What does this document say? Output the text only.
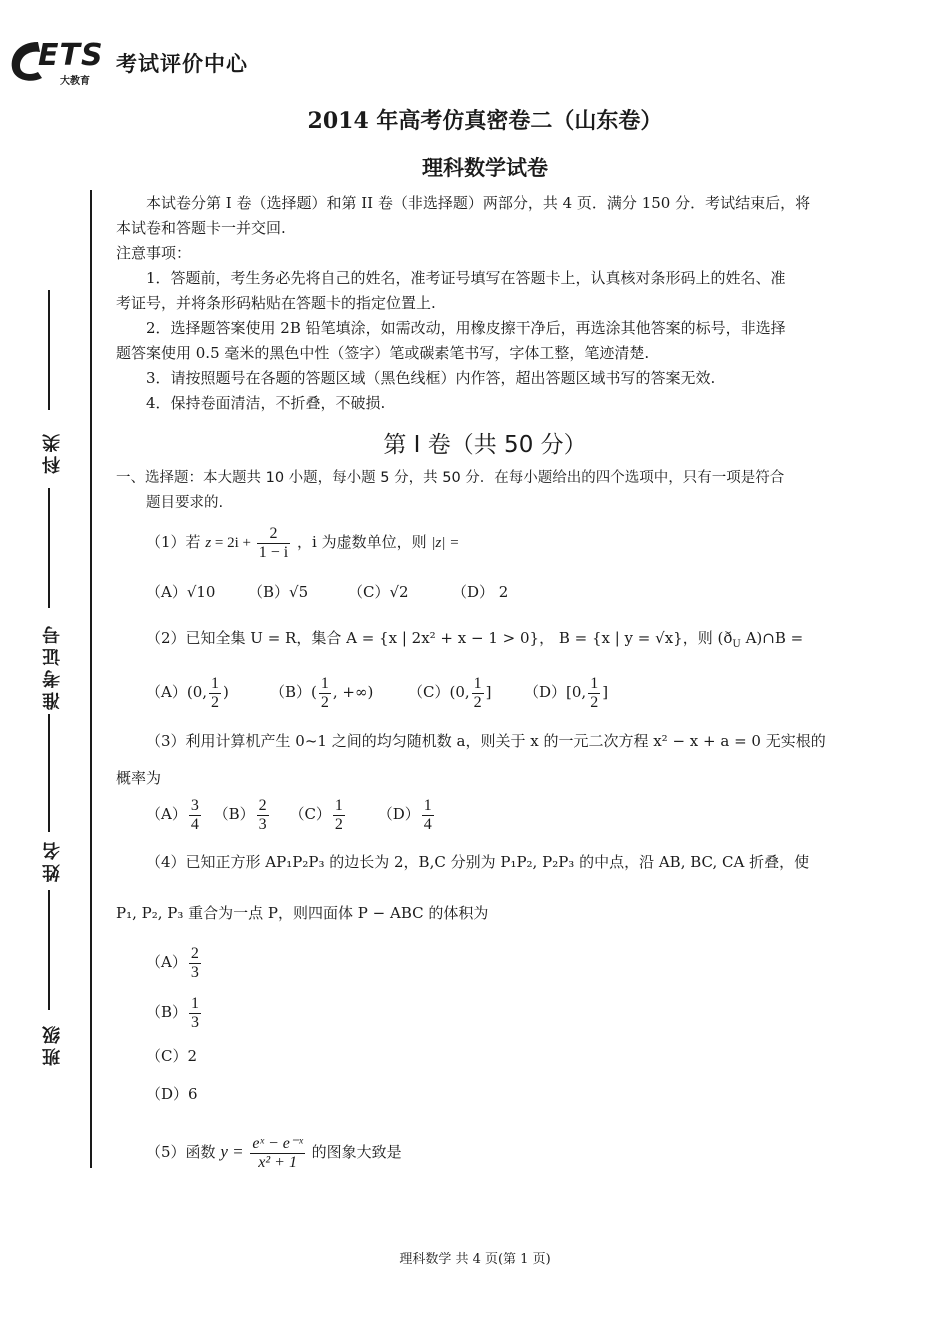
ETS
大教育
考试评价中心
2014 年高考仿真密卷二（山东卷）
理科数学试卷
科类
准考证号
姓名
班级
本试卷分第 I 卷（选择题）和第 II 卷（非选择题）两部分，共 4 页．满分 150 分．考试结束后，将
本试卷和答题卡一并交回.
注意事项：
1．答题前，考生务必先将自己的姓名，准考证号填写在答题卡上，认真核对条形码上的姓名、准
考证号，并将条形码粘贴在答题卡的指定位置上.
2．选择题答案使用 2B 铅笔填涂，如需改动，用橡皮擦干净后，再选涂其他答案的标号，非选择
题答案使用 0.5 毫米的黑色中性（签字）笔或碳素笔书写，字体工整，笔迹清楚.
3．请按照题号在各题的答题区域（黑色线框）内作答，超出答题区域书写的答案无效.
4．保持卷面清洁，不折叠，不破损.
第 I 卷（共 50 分）
一、选择题：本大题共 10 小题，每小题 5 分，共 50 分．在每小题给出的四个选项中，只有一项是符合
题目要求的.
（1）若 $z = 2i + \frac{2}{1 - i}$ ，i 为虚数单位，则 |z| =
（A）√10 （B）√5	（C）√2	（D） 2
（2）已知全集 U = R，集合 A = {x | 2x² + x − 1 > 0}， B = {x | y = √x}，则 ($ð_U$ A)∩B =
（A）(0, $\frac{1}{2}$ )	$(B)( \frac{1}{2}$ , +∞) （C）(0, $\frac{1}{2}$ ] （D）[0, $\frac{1}{2}$ ]
（3）利用计算机产生 0~1 之间的均匀随机数 a，则关于 x 的一元二次方程 x² − x + a = 0 无实根的
概率为
$(A) \frac{3}{4} (B) \frac{2}{3} (C) \frac{1}{2} (D) \frac{1}{4}$
（4）已知正方形 AP₁P₂P₃ 的边长为 2，B,C 分别为 P₁P₂, P₂P₃ 的中点，沿 AB, BC, CA 折叠，使
P₁, P₂, P₃ 重合为一点 P，则四面体 P − ABC 的体积为
$(A) \frac{2}{3}$
$(B) \frac{1}{3}$
（C）2
（D）6
（5）函数 $y = \frac{\text{eˣ − e⁻ˣ}}{\text{x² + 1}}$ 的图象大致是
理科数学 共 4 页(第 1 页)
